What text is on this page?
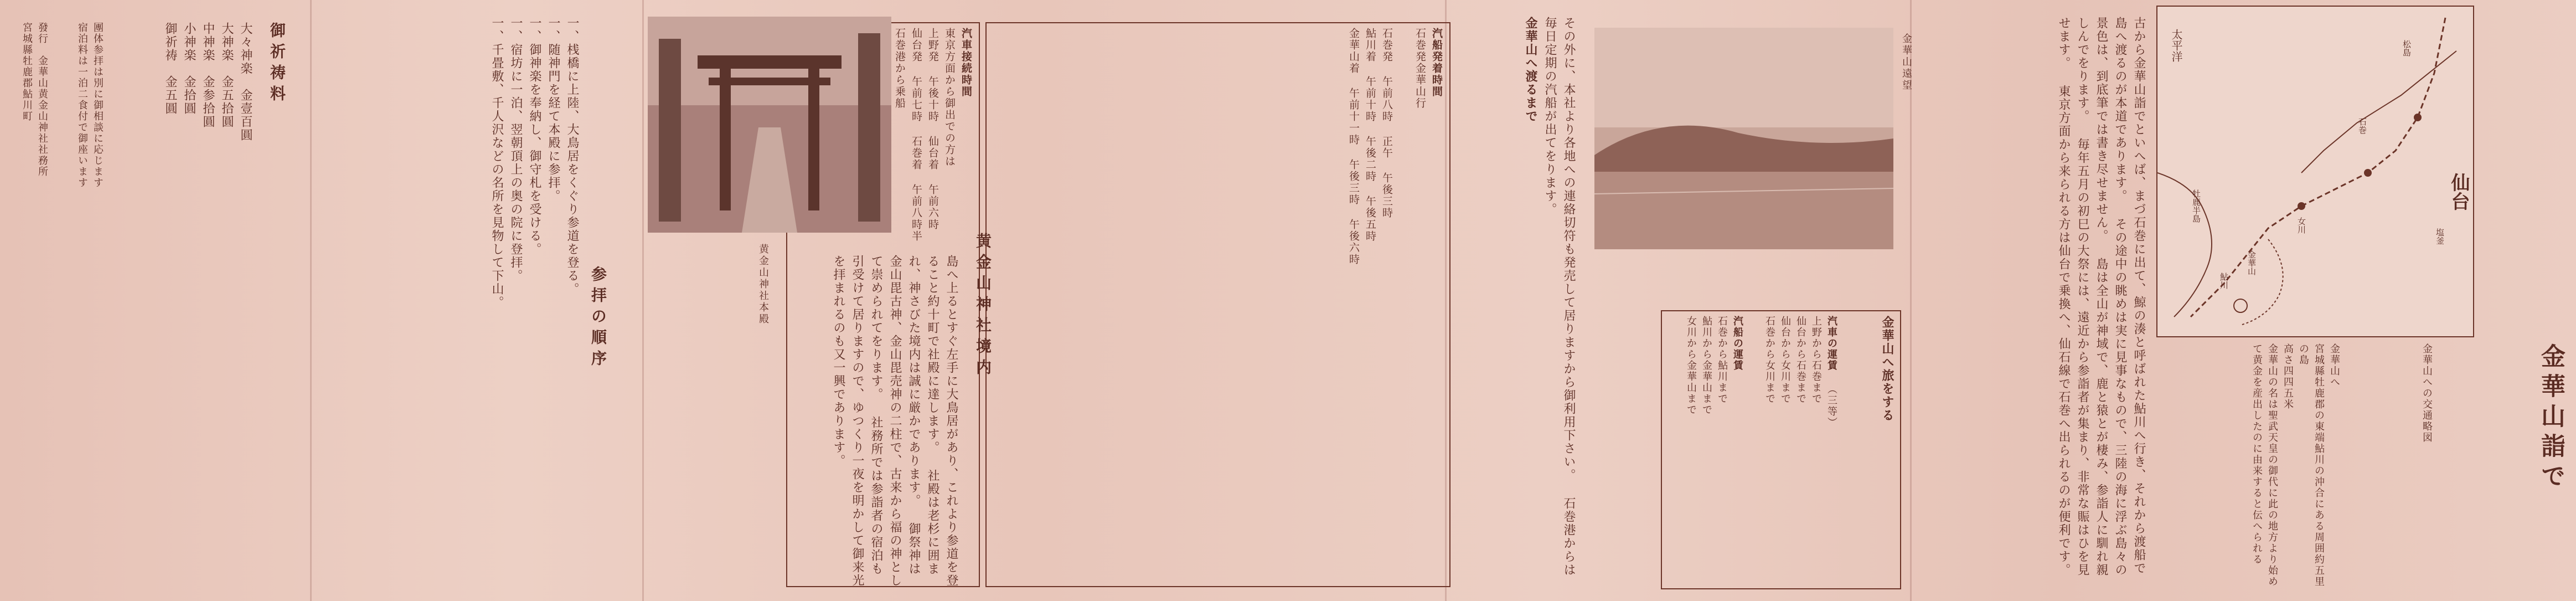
金華山詣で
仙台
石巻
女川
金華山
松島
塩釜
鮎川
牡鹿半島
太平洋
金華山への交通略図
金華山へ
宮城縣牡鹿郡の東端鮎川の沖合にある周囲約五里の島
高さ四四五米
金華山の名は聖武天皇の御代に此の地方より始めて黄金を産出したのに由来すると伝へられる
古から金華山詣でといへば、まづ石巻に出て、鯨の湊と呼ばれた鮎川へ行き、それから渡船で島へ渡るのが本道であります。 その途中の眺めは実に見事なもので、三陸の海に浮ぶ島々の景色は、到底筆では書き尽せません。 島は全山が神域で、鹿と猿とが棲み、参詣人に馴れ親しんでをります。 毎年五月の初巳の大祭には、遠近から参詣者が集まり、非常な賑はひを見せます。 東京方面から来られる方は仙台で乗換へ、仙石線で石巻へ出られるのが便利です。
金華山へ旅をする
汽車の運賃 （三等）
上野から石巻まで
仙台から石巻まで
仙台から女川まで
石巻から女川まで
汽船の運賃
石巻から鮎川まで
鮎川から金華山まで
女川から金華山まで
金華山遠望
その外に、本社より各地への連絡切符も発売して居りますから御利用下さい。 石巻港からは毎日定期の汽船が出てをります。
金華山へ渡るまで
汽船発着時間
石巻発金華山行

石巻発 午前八時 正午 午後三時
鮎川着 午前十時 午後二時 午後五時
金華山着 午前十一時 午後三時 午後六時
汽車接続時間
東京方面から御出での方は
上野発 午後十時 仙台着 午前六時
仙台発 午前七時 石巻着 午前八時半
石巻港から乗船
黄金山神社本殿	黄金山神社境内
島へ上るとすぐ左手に大鳥居があり、これより参道を登ること約十町で社殿に達します。 社殿は老杉に囲まれ、神さびた境内は誠に厳かであります。 御祭神は金山毘古神、金山毘売神の二柱で、古来から福の神として崇められてをります。 社務所では参詣者の宿泊も引受けて居りますので、ゆつくり一夜を明かして御来光を拝まれるのも又一興であります。
参拝の順序
一、桟橋に上陸、大鳥居をくぐり参道を登る。
一、随神門を経て本殿に参拝。
一、御神楽を奉納し、御守札を受ける。
一、宿坊に一泊、翌朝頂上の奥の院に登拝。
一、千畳敷、千人沢などの名所を見物して下山。
御祈祷料
大々神楽　金壹百圓
大神楽　金五拾圓
中神楽　金参拾圓
小神楽　金拾圓
御祈祷　金五圓
團体参拝は別に御相談に応じます
宿泊料は一泊二食付で御座います
發行　金華山黄金山神社社務所
宮城縣牡鹿郡鮎川町
